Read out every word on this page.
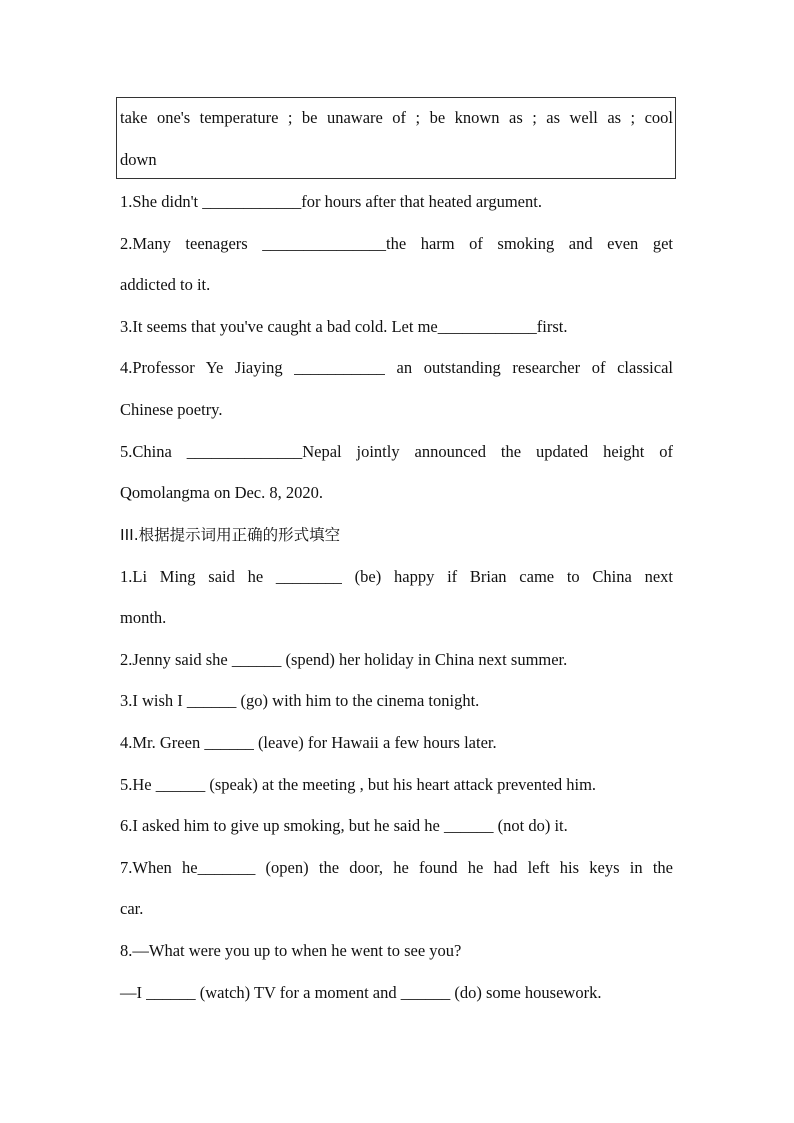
take one's temperature ; be unaware of ; be known as ; as well as ; cool
down
1.She didn't ____________for hours after that heated argument.
2.Many teenagers _______________the harm of smoking and even get
addicted to it.
3.It seems that you've caught a bad cold. Let me____________first.
4.Professor Ye Jiaying ___________ an outstanding researcher of classical
Chinese poetry.
5.China ______________Nepal jointly announced the updated height of
Qomolangma on Dec. 8, 2020.
III.根据提示词用正确的形式填空
1.Li Ming said he ________ (be) happy if Brian came to China next
month.
2.Jenny said she ______ (spend) her holiday in China next summer.
3.I wish I ______ (go) with him to the cinema tonight.
4.Mr. Green ______ (leave) for Hawaii a few hours later.
5.He ______ (speak) at the meeting , but his heart attack prevented him.
6.I asked him to give up smoking, but he said he ______ (not do) it.
7.When he_______ (open) the door, he found he had left his keys in the
car.
8.—What were you up to when he went to see you?
—I ______ (watch) TV for a moment and ______ (do) some housework.
